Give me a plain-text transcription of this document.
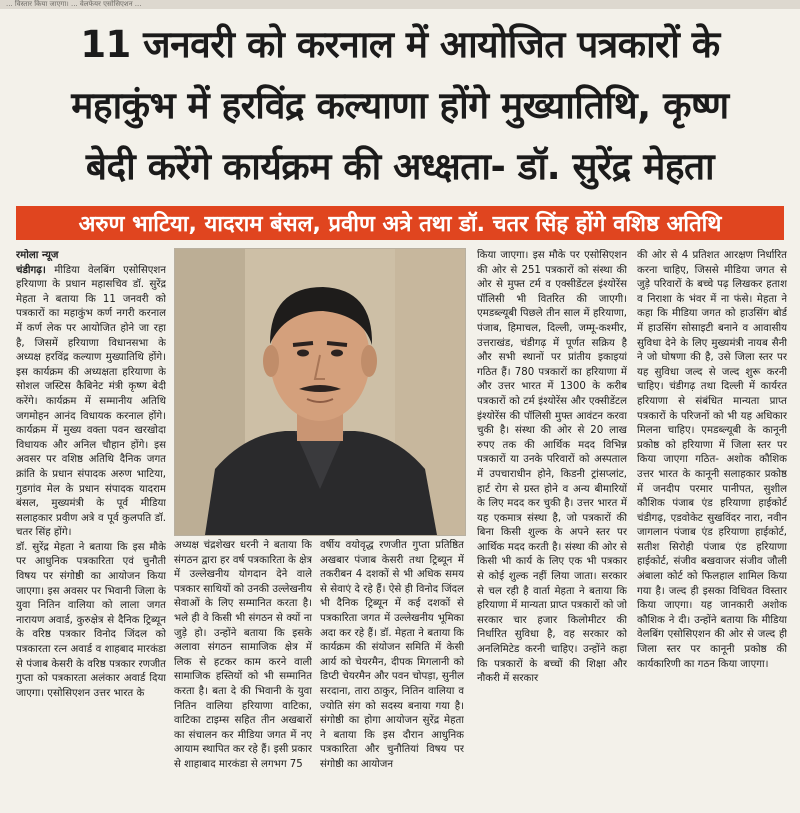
... विस्तार किया जाएगा। ... वेलफेयर एसोसिएशन ...
11 जनवरी को करनाल में आयोजित पत्रकारों के
महाकुंभ में हरविंद्र कल्याणा होंगे मुख्यातिथि, कृष्ण
बेदी करेंगे कार्यक्रम की अध्क्षता- डॉ. सुरेंद्र मेहता
अरुण भाटिया, यादराम बंसल, प्रवीण अत्रे तथा डॉ. चतर सिंह होंगे वशिष्ठ अतिथि

रमोला न्यूज
चंडीगढ़। मीडिया वेलबिंग एसोसिएशन हरियाणा के प्रधान महासचिव डॉ. सुरेंद्र मेहता ने बताया कि 11 जनवरी को पत्रकारों का महाकुंभ कर्ण नगरी करनाल में कर्ण लेक पर आयोजित होने जा रहा है, जिसमें हरियाणा विधानसभा के अध्यक्ष हरविंद्र कल्याण मुख्यातिथि होंगे। इस कार्यक्रम की अध्यक्षता हरियाणा के सोशल जस्टिस कैबिनेट मंत्री कृष्ण बेदी करेंगे। कार्यक्रम में सम्मानीय अतिथि जगमोहन आनंद विधायक करनाल होंगे। कार्यक्रम में मुख्य वक्ता पवन खरखोदा विधायक और अनिल चौहान होंगे। इस अवसर पर वशिष्ठ अतिथि दैनिक जगत क्रांति के प्रधान संपादक अरुण भाटिया, गुडगांव मेल के प्रधान संपादक यादराम बंसल, मुख्यमंत्री के पूर्व मीडिया सलाहकार प्रवीण अत्रे व पूर्व कुलपति डॉ. चतर सिंह होंगे।

डॉ. सुरेंद्र मेहता ने बताया कि इस मौके पर आधुनिक पत्रकारिता एवं चुनौती विषय पर संगोष्ठी का आयोजन किया जाएगा। इस अवसर पर भिवानी जिला के युवा नितिन वालिया को लाला जगत नारायण अवार्ड, कुरुक्षेत्र से दैनिक ट्रिब्यून के वरिष्ठ पत्रकार विनोद जिंदल को पत्रकारता रत्न अवार्ड व शाहबाद मारकंडा से पंजाब केसरी के वरिष्ठ पत्रकार रणजीत गुप्ता को पत्रकारता अलंकार अवार्ड दिया जाएगा। एसोसिएशन उत्तर भारत के

अध्यक्ष चंद्रशेखर धरनी ने बताया कि संगठन द्वारा हर वर्ष पत्रकारिता के क्षेत्र में उल्लेखनीय योगदान देने वाले पत्रकार साथियों को उनकी उल्लेखनीय सेवाओं के लिए सम्मानित करता है। भले ही वे किसी भी संगठन से क्यों ना जुड़े हो। उन्होंने बताया कि इसके अलावा संगठन सामाजिक क्षेत्र में लिक से हटकर काम करने वाली सामाजिक हस्तियों को भी सम्मानित करता है। बता दे की भिवानी के युवा नितिन वालिया हरियाणा वाटिका, वाटिका टाइम्स सहित तीन अखबारों का संचालन कर मीडिया जगत में नए आयाम स्थापित कर रहे हैं। इसी प्रकार से शाहाबाद मारकंडा से लगभग 75

वर्षीय वयोवृद्ध रणजीत गुप्ता प्रतिष्ठित अखबार पंजाब केसरी तथा ट्रिब्यून में तकरीबन 4 दशकों से भी अधिक समय से सेवाएं दे रहे हैं। ऐसे ही विनोद जिंदल भी दैनिक ट्रिब्यून में कई दशकों से पत्रकारिता जगत में उल्लेखनीय भूमिका अदा कर रहे हैं। डॉ. मेहता ने बताया कि कार्यक्रम की संयोजन समिति में केसी आर्य को चेयरमैन, दीपक मिगलानी को डिप्टी चेयरमैन और पवन चोपड़ा, सुनील सरदाना, तारा ठाकुर, नितिन वालिया व ज्योति संग को सदस्य बनाया गया है। संगोष्ठी का होगा आयोजन सुरेंद्र मेहता ने बताया कि इस दौरान आधुनिक पत्रकारिता और चुनौतियां विषय पर संगोष्ठी का आयोजन

किया जाएगा। इस मौके पर एसोसिएशन की ओर से 251 पत्रकारों को संस्था की ओर से मुफ्त टर्म व एक्सीडेंटल इंश्योरेंस पॉलिसी भी वितरित की जाएगी। एमडब्ल्यूबी पिछले तीन साल में हरियाणा, पंजाब, हिमाचल, दिल्ली, जम्मू-कश्मीर, उत्तराखंड, चंडीगढ़ में पूर्णत सक्रिय है और सभी स्थानों पर प्रांतीय इकाइयां गठित हैं। 780 पत्रकारों का हरियाणा में और उत्तर भारत में 1300 के करीब पत्रकारों को टर्म इंश्योरेंस और एक्सीडेंटल इंश्योरेंस की पॉलिसी मुफ्त आवंटन करवा चुकी है। संस्था की ओर से 20 लाख रुपए तक की आर्थिक मदद विभिन्न पत्रकारों या उनके परिवारों को अस्पताल में उपचाराधीन होने, किडनी ट्रांसप्लांट, हार्ट रोग से ग्रस्त होने व अन्य बीमारियों के लिए मदद कर चुकी है। उत्तर भारत में यह एकमात्र संस्था है, जो पत्रकारों की बिना किसी शुल्क के अपने स्तर पर आर्थिक मदद करती है। संस्था की ओर से किसी भी कार्य के लिए एक भी पत्रकार से कोई शुल्क नहीं लिया जाता। सरकार से चल रही है वार्ता मेहता ने बताया कि हरियाणा में मान्यता प्राप्त पत्रकारों को जो सरकार चार हजार किलोमीटर की निर्धारित सुविधा है, वह सरकार को अनलिमिटेड करनी चाहिए। उन्होंने कहा कि पत्रकारों के बच्चों की शिक्षा और नौकरी में सरकार

की ओर से 4 प्रतिशत आरक्षण निर्धारित करना चाहिए, जिससे मीडिया जगत से जुड़े परिवारों के बच्चे पढ़ लिखकर हताश व निराशा के भंवर में ना फंसे। मेहता ने कहा कि मीडिया जगत को हाउसिंग बोर्ड में हाउसिंग सोसाइटी बनाने व आवासीय सुविधा देने के लिए मुख्यमंत्री नायब सैनी ने जो घोषणा की है, उसे जिला स्तर पर यह सुविधा जल्द से जल्द शुरू करनी चाहिए। चंडीगढ़ तथा दिल्ली में कार्यरत हरियाणा से संबंधित मान्यता प्राप्त पत्रकारों के परिजनों को भी यह अधिकार मिलना चाहिए। एमडब्ल्यूबी के कानूनी प्रकोष्ठ को हरियाणा में जिला स्तर पर किया जाएगा गठित- अशोक कौशिक उत्तर भारत के कानूनी सलाहकार प्रकोष्ठ में जनदीप परमार पानीपत, सुशील कौशिक पंजाब एंड हरियाणा हाईकोर्ट चंडीगढ़, एडवोकेट सुखविंदर नारा, नवीन जागलान पंजाब एंड हरियाणा हाईकोर्ट, सतीश सिरोही पंजाब एंड हरियाणा हाईकोर्ट, संजीव बखवाजर संजीव जौली अंबाला कोर्ट को फिलहाल शामिल किया गया है। जल्द ही इसका विधिवत विस्तार किया जाएगा। यह जानकारी अशोक कौशिक ने दी। उन्होंने बताया कि मीडिया वेलबिंग एसोसिएशन की ओर से जल्द ही जिला स्तर पर कानूनी प्रकोष्ठ की कार्यकारिणी का गठन किया जाएगा।
